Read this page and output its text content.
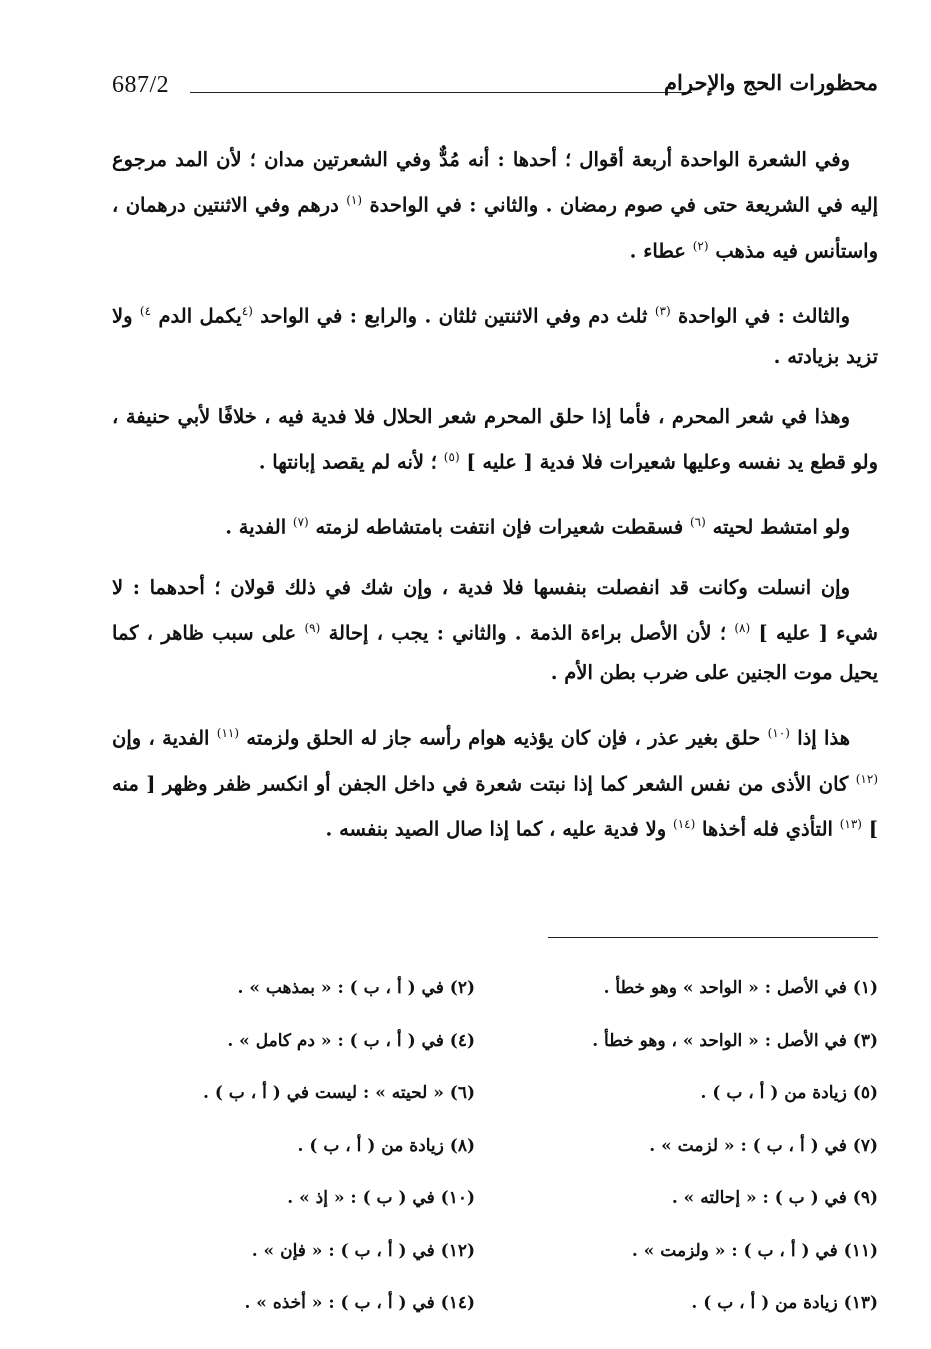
687/2	محظورات الحج والإحرام

وفي الشعرة الواحدة أربعة أقوال ؛ أحدها : أنه مُدٌّ وفي الشعرتين مدان ؛ لأن المد مرجوع إليه في الشريعة حتى في صوم رمضان . والثاني : في الواحدة $^{(١)}$ درهم وفي الاثنتين درهمان ، واستأنس فيه مذهب $^{(٢)}$ عطاء .

والثالث : في الواحدة $^{(٣)}$ ثلث دم وفي الاثنتين ثلثان . والرابع : في الواحد $^{(٤}$يكمل الدم $^{٤)}$ ولا تزيد بزيادته .

وهذا في شعر المحرم ، فأما إذا حلق المحرم شعر الحلال فلا فدية فيه ، خلافًا لأبي حنيفة ، ولو قطع يد نفسه وعليها شعيرات فلا فدية [ عليه ] $^{(٥)}$ ؛ لأنه لم يقصد إبانتها .

ولو امتشط لحيته $^{(٦)}$ فسقطت شعيرات فإن انتفت بامتشاطه لزمته $^{(٧)}$ الفدية .

وإن انسلت وكانت قد انفصلت بنفسها فلا فدية ، وإن شك في ذلك قولان ؛ أحدهما : لا شيء [ عليه ] $^{(٨)}$ ؛ لأن الأصل براءة الذمة . والثاني : يجب ، إحالة $^{(٩)}$ على سبب ظاهر ، كما يحيل موت الجنين على ضرب بطن الأم .

هذا إذا $^{(١٠)}$ حلق بغير عذر ، فإن كان يؤذيه هوام رأسه جاز له الحلق ولزمته $^{(١١)}$ الفدية ، وإن $^{(١٢)}$ كان الأذى من نفس الشعر كما إذا نبتت شعرة في داخل الجفن أو انكسر ظفر وظهر [ منه ] $^{(١٣)}$ التأذي فله أخذها $^{(١٤)}$ ولا فدية عليه ، كما إذا صال الصيد بنفسه .

(١) في الأصل : « الواحد » وهو خطأ .
(٢) في ( أ ، ب ) : « بمذهب » .
(٣) في الأصل : « الواحد » ، وهو خطأ .
(٤) في ( أ ، ب ) : « دم كامل » .
(٥) زيادة من ( أ ، ب ) .
(٦) « لحيته » : ليست في ( أ ، ب ) .
(٧) في ( أ ، ب ) : « لزمت » .
(٨) زيادة من ( أ ، ب ) .
(٩) في ( ب ) : « إحالته » .
(١٠) في ( ب ) : « إذ » .
(١١) في ( أ ، ب ) : « ولزمت » .
(١٢) في ( أ ، ب ) : « فإن » .
(١٣) زيادة من ( أ ، ب ) .
(١٤) في ( أ ، ب ) : « أخذه » .
